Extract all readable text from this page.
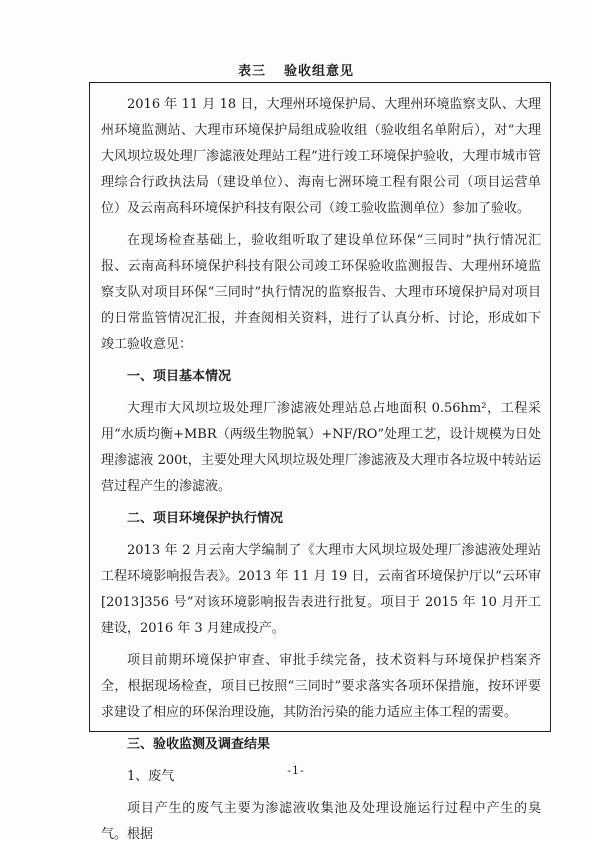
表三 验收组意见

2016 年 11 月 18 日，大理州环境保护局、大理州环境监察支队、大理州环境监测站、大理市环境保护局组成验收组（验收组名单附后），对“大理大风坝垃圾处理厂渗滤液处理站工程”进行竣工环境保护验收，大理市城市管理综合行政执法局（建设单位）、海南七洲环境工程有限公司（项目运营单位）及云南高科环境保护科技有限公司（竣工验收监测单位）参加了验收。

在现场检查基础上，验收组听取了建设单位环保“三同时”执行情况汇报、云南高科环境保护科技有限公司竣工环保验收监测报告、大理州环境监察支队对项目环保“三同时”执行情况的监察报告、大理市环境保护局对项目的日常监管情况汇报，并查阅相关资料，进行了认真分析、讨论，形成如下竣工验收意见：

一、项目基本情况

大理市大风坝垃圾处理厂渗滤液处理站总占地面积 0.56hm²，工程采用“水质均衡+MBR（两级生物脱氧）+NF/RO”处理工艺，设计规模为日处理渗滤液 200t，主要处理大风坝垃圾处理厂渗滤液及大理市各垃圾中转站运营过程产生的渗滤液。

二、项目环境保护执行情况

2013 年 2 月云南大学编制了《大理市大风坝垃圾处理厂渗滤液处理站工程环境影响报告表》。2013 年 11 月 19 日，云南省环境保护厅以“云环审[2013]356 号”对该环境影响报告表进行批复。项目于 2015 年 10 月开工建设，2016 年 3 月建成投产。

项目前期环境保护审查、审批手续完备，技术资料与环境保护档案齐全，根据现场检查，项目已按照“三同时”要求落实各项环保措施，按环评要求建设了相应的环保治理设施，其防治污染的能力适应主体工程的需要。

三、验收监测及调查结果

1、废气

项目产生的废气主要为渗滤液收集池及处理设施运行过程中产生的臭气。根据

-1-
